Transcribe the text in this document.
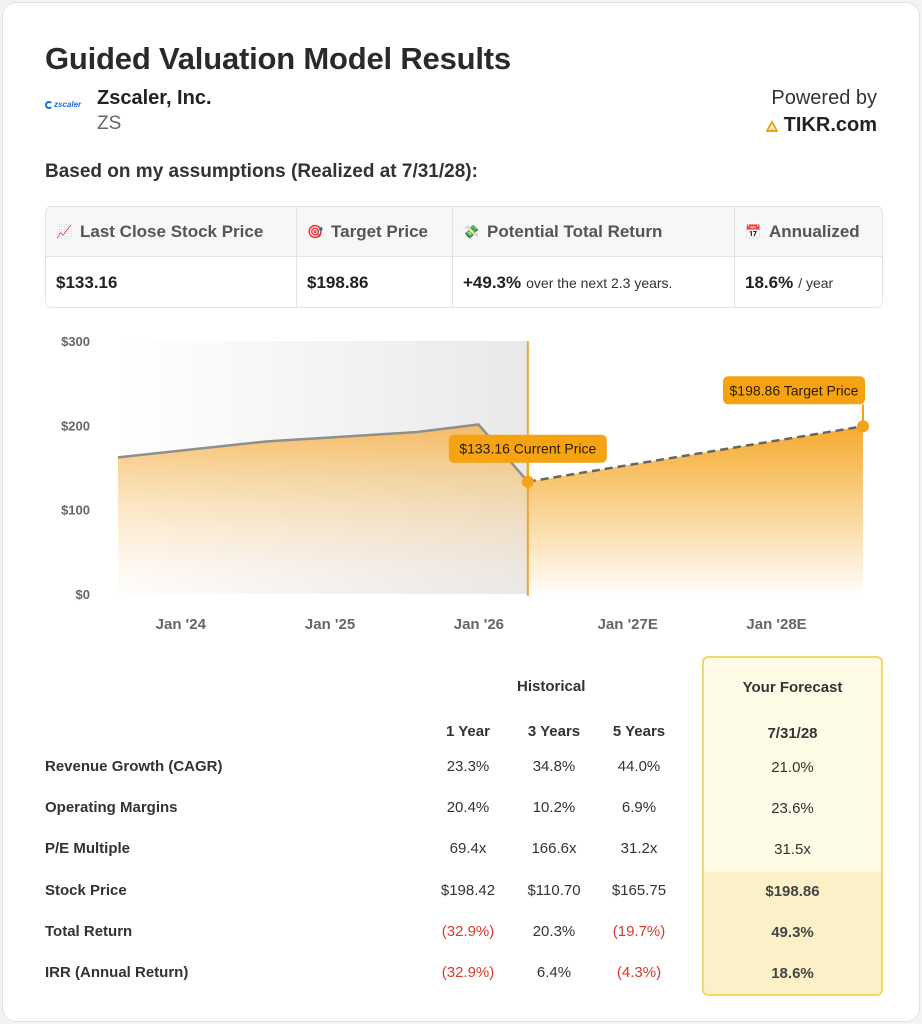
Guided Valuation Model Results
zscaler Zscaler, Inc.
ZS
Powered by
TIKR.com
Based on my assumptions (Realized at 7/31/28):
📈 Last Close Stock Price	🎯 Target Price	💸 Potential Total Return	📅 Annualized
$133.16	$198.86	+49.3% over the next 2.3 years.	18.6% / year
$0
$100
$200
$300
Jan '24	Jan '25	Jan '26	Jan '27E	Jan '28E
$133.16 Current Price
$198.86 Target Price
Historical	Your Forecast
1 Year	3 Years	5 Years	7/31/28
Revenue Growth (CAGR)	23.3%	34.8%	44.0%	21.0%
Operating Margins	20.4%	10.2%	6.9%	23.6%
P/E Multiple	69.4x	166.6x	31.2x	31.5x
Stock Price	$198.42	$110.70	$165.75	$198.86
Total Return	(32.9%)	20.3%	(19.7%)	49.3%
IRR (Annual Return)	(32.9%)	6.4%	(4.3%)	18.6%
